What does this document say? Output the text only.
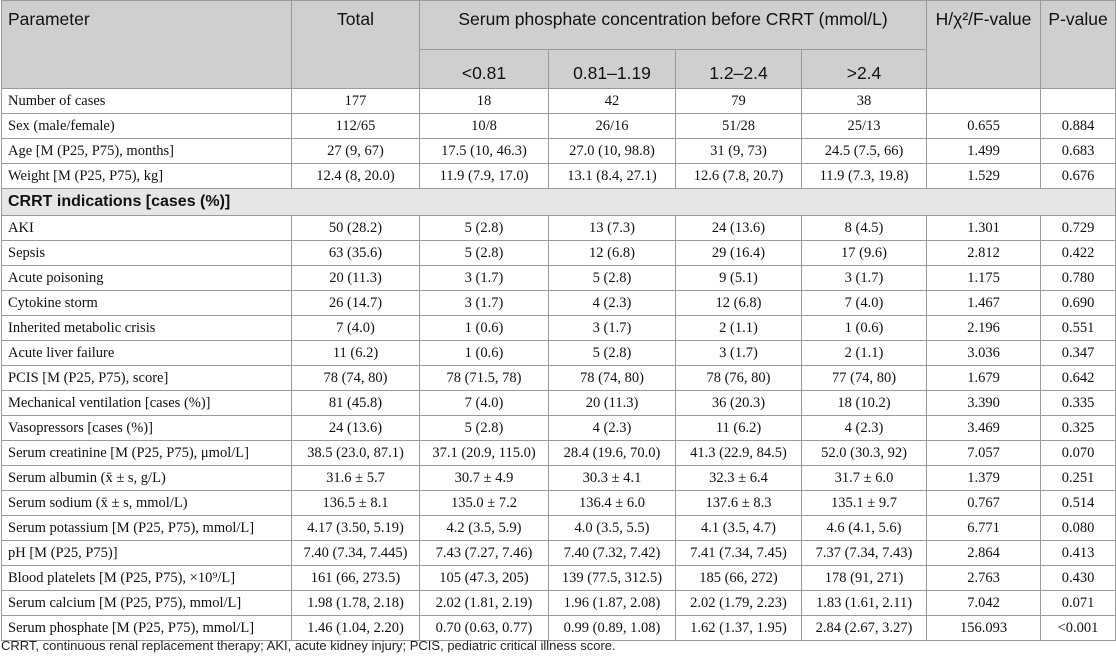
Parameter	Total	Serum phosphate concentration before CRRT (mmol/L)				H/χ²/F-value	P-value
		<0.81	0.81–1.19	1.2–2.4	>2.4		
Number of cases	177	18	42	79	38		
Sex (male/female)	112/65	10/8	26/16	51/28	25/13	0.655	0.884
Age [M (P25, P75), months]	27 (9, 67)	17.5 (10, 46.3)	27.0 (10, 98.8)	31 (9, 73)	24.5 (7.5, 66)	1.499	0.683
Weight [M (P25, P75), kg]	12.4 (8, 20.0)	11.9 (7.9, 17.0)	13.1 (8.4, 27.1)	12.6 (7.8, 20.7)	11.9 (7.3, 19.8)	1.529	0.676
CRRT indications [cases (%)]							
AKI	50 (28.2)	5 (2.8)	13 (7.3)	24 (13.6)	8 (4.5)	1.301	0.729
Sepsis	63 (35.6)	5 (2.8)	12 (6.8)	29 (16.4)	17 (9.6)	2.812	0.422
Acute poisoning	20 (11.3)	3 (1.7)	5 (2.8)	9 (5.1)	3 (1.7)	1.175	0.780
Cytokine storm	26 (14.7)	3 (1.7)	4 (2.3)	12 (6.8)	7 (4.0)	1.467	0.690
Inherited metabolic crisis	7 (4.0)	1 (0.6)	3 (1.7)	2 (1.1)	1 (0.6)	2.196	0.551
Acute liver failure	11 (6.2)	1 (0.6)	5 (2.8)	3 (1.7)	2 (1.1)	3.036	0.347
PCIS [M (P25, P75), score]	78 (74, 80)	78 (71.5, 78)	78 (74, 80)	78 (76, 80)	77 (74, 80)	1.679	0.642
Mechanical ventilation [cases (%)]	81 (45.8)	7 (4.0)	20 (11.3)	36 (20.3)	18 (10.2)	3.390	0.335
Vasopressors [cases (%)]	24 (13.6)	5 (2.8)	4 (2.3)	11 (6.2)	4 (2.3)	3.469	0.325
Serum creatinine [M (P25, P75), μmol/L]	38.5 (23.0, 87.1)	37.1 (20.9, 115.0)	28.4 (19.6, 70.0)	41.3 (22.9, 84.5)	52.0 (30.3, 92)	7.057	0.070
Serum albumin (x̄ ± s, g/L)	31.6 ± 5.7	30.7 ± 4.9	30.3 ± 4.1	32.3 ± 6.4	31.7 ± 6.0	1.379	0.251
Serum sodium (x̄ ± s, mmol/L)	136.5 ± 8.1	135.0 ± 7.2	136.4 ± 6.0	137.6 ± 8.3	135.1 ± 9.7	0.767	0.514
Serum potassium [M (P25, P75), mmol/L]	4.17 (3.50, 5.19)	4.2 (3.5, 5.9)	4.0 (3.5, 5.5)	4.1 (3.5, 4.7)	4.6 (4.1, 5.6)	6.771	0.080
pH [M (P25, P75)]	7.40 (7.34, 7.445)	7.43 (7.27, 7.46)	7.40 (7.32, 7.42)	7.41 (7.34, 7.45)	7.37 (7.34, 7.43)	2.864	0.413
Blood platelets [M (P25, P75), ×10⁹/L]	161 (66, 273.5)	105 (47.3, 205)	139 (77.5, 312.5)	185 (66, 272)	178 (91, 271)	2.763	0.430
Serum calcium [M (P25, P75), mmol/L]	1.98 (1.78, 2.18)	2.02 (1.81, 2.19)	1.96 (1.87, 2.08)	2.02 (1.79, 2.23)	1.83 (1.61, 2.11)	7.042	0.071
Serum phosphate [M (P25, P75), mmol/L]	1.46 (1.04, 2.20)	0.70 (0.63, 0.77)	0.99 (0.89, 1.08)	1.62 (1.37, 1.95)	2.84 (2.67, 3.27)	156.093	<0.001
CRRT, continuous renal replacement therapy; AKI, acute kidney injury; PCIS, pediatric critical illness score.
